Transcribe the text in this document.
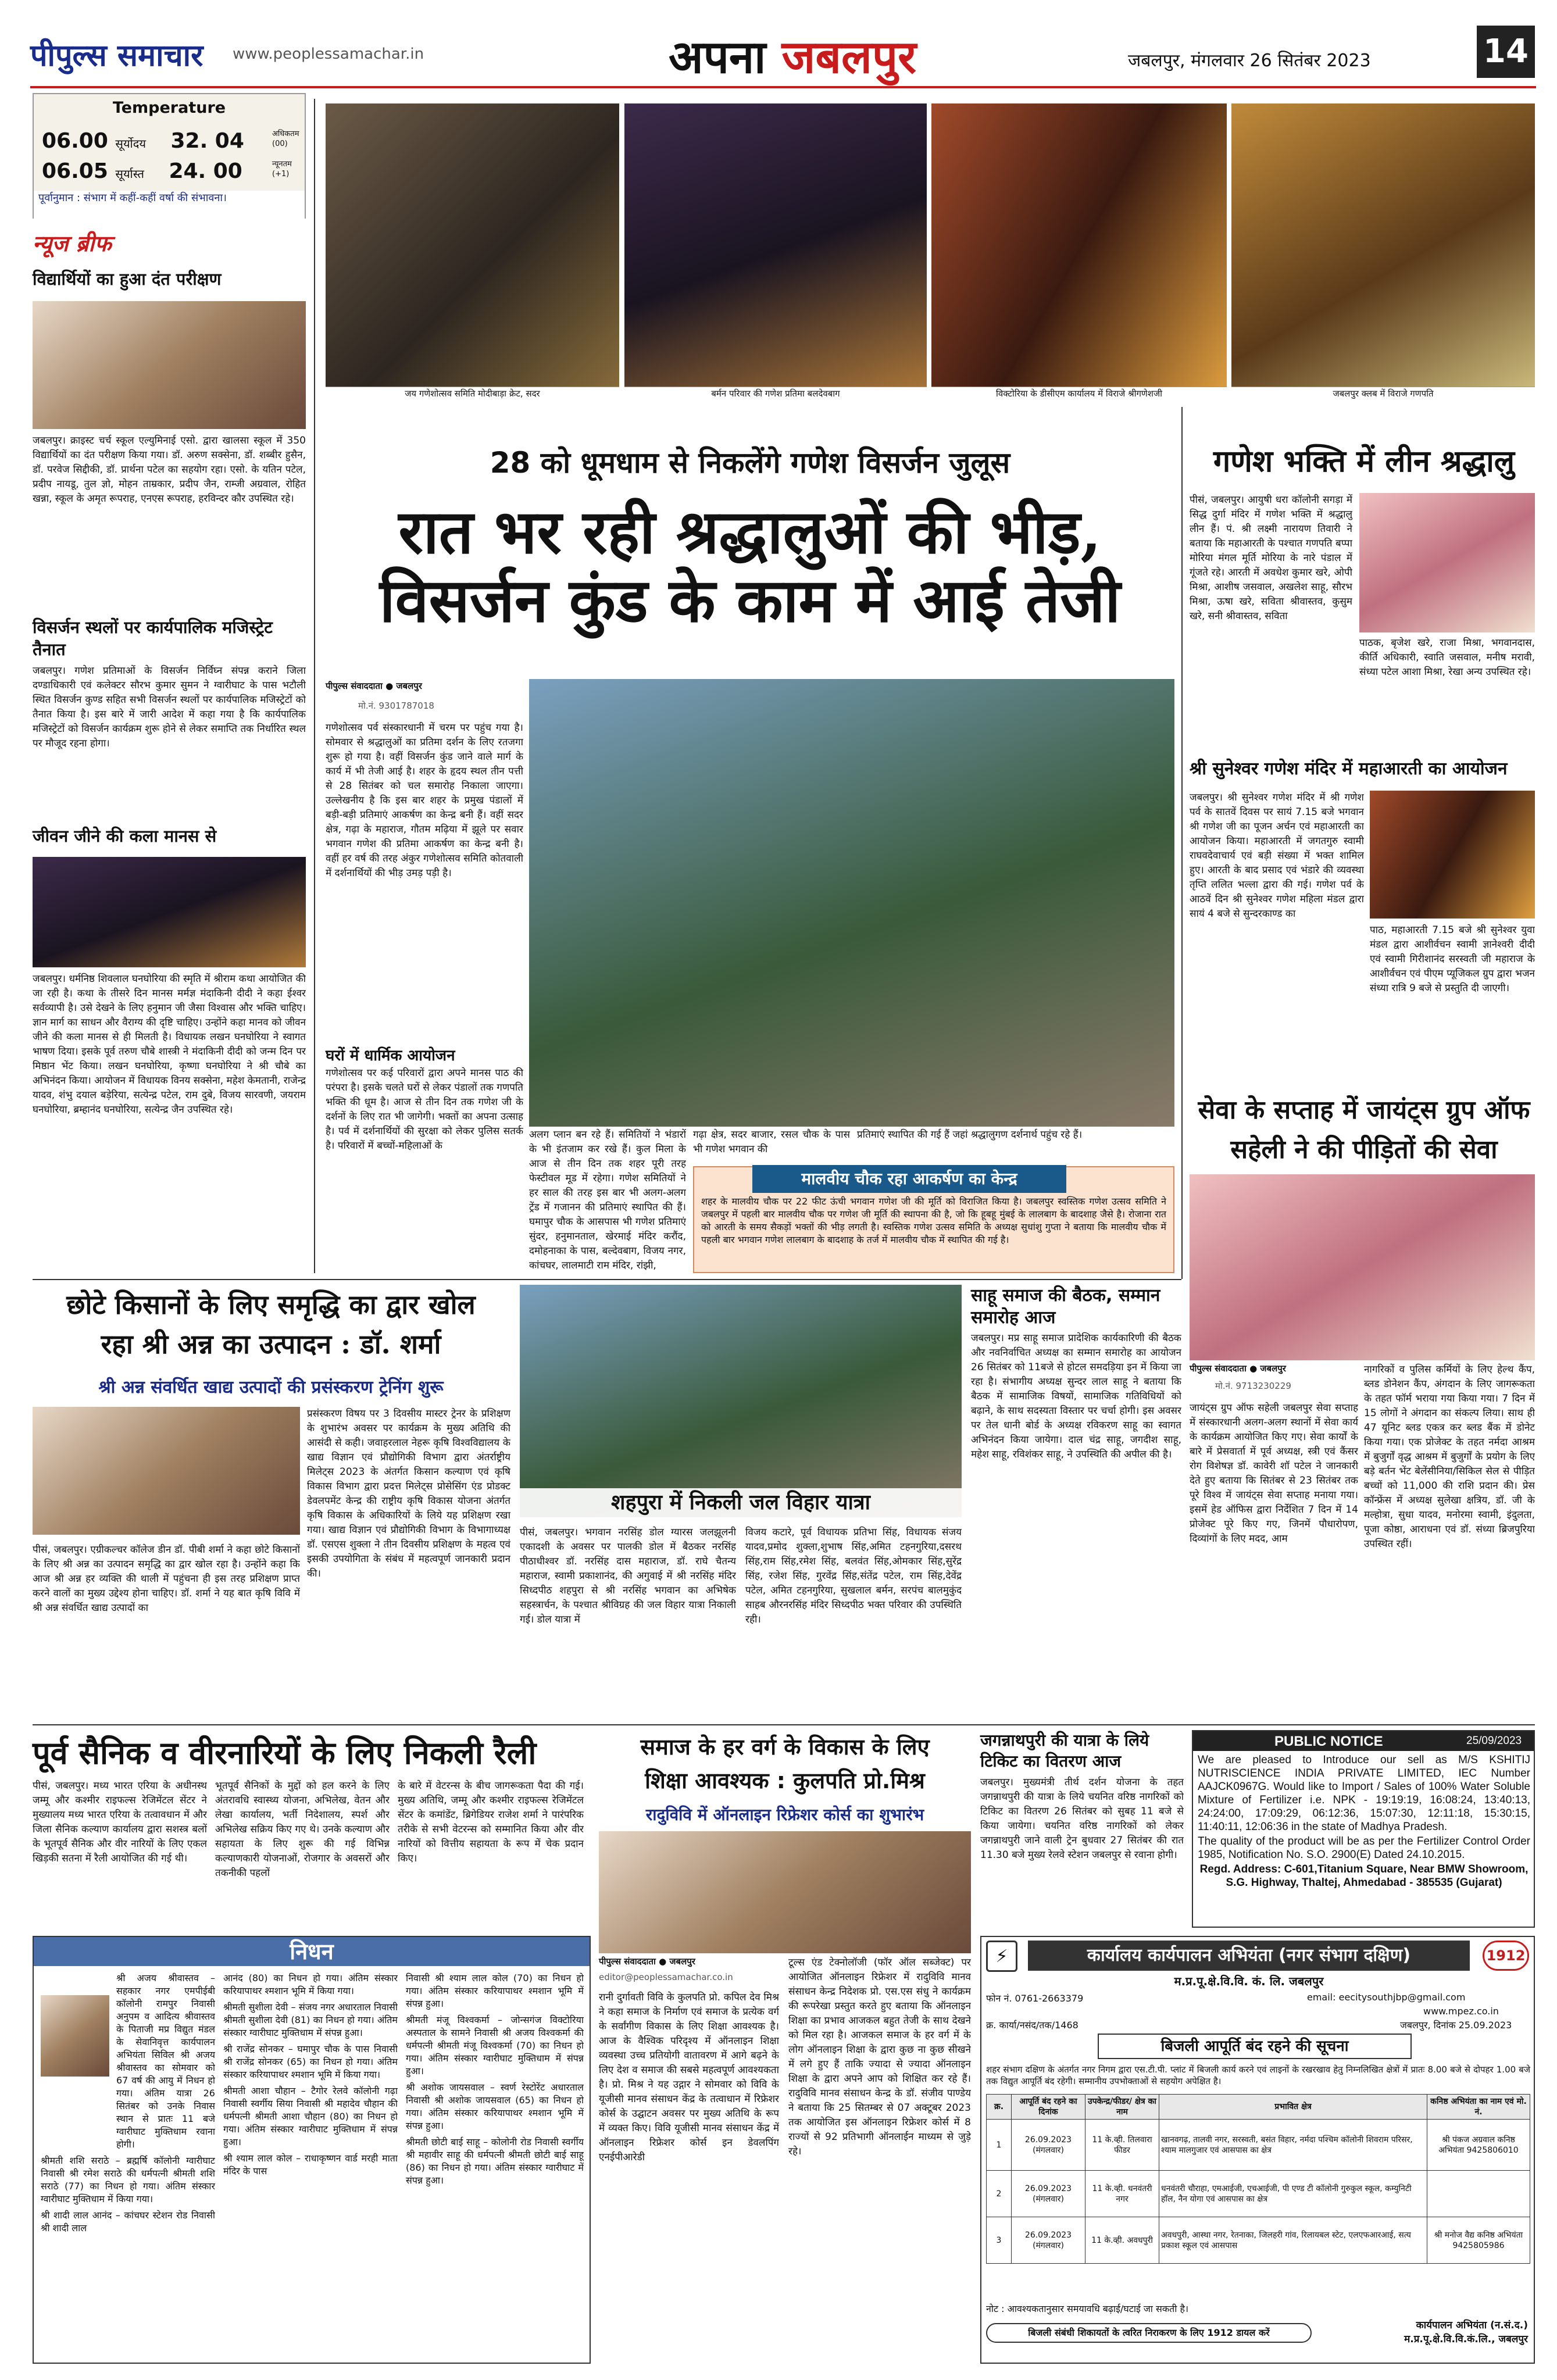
पीपुल्स समाचार www.peoplessamachar.in	अपना जबलपुर	जबलपुर, मंगलवार 26 सितंबर 2023	14
Temperature
06.00 सूर्योदय 32. 04	अधिकतम (00)
06.05 सूर्यास्त 24. 00	न्यूनतम (+1)
पूर्वानुमान : संभाग में कहीं-कहीं वर्षा की संभावना।
न्यूज ब्रीफ
विद्यार्थियों का हुआ दंत परीक्षण
जबलपुर। क्राइस्ट चर्च स्कूल एल्युमिनाई एसो. द्वारा खालसा स्कूल में 350 विद्यार्थियों का दंत परीक्षण किया गया। डॉ. अरुण सक्सेना, डॉ. शब्बीर हुसैन, डॉ. परवेज सिद्दीकी, डॉ. प्रार्थना पटेल का सहयोग रहा। एसो. के यतिन पटेल, प्रदीप नायडू, तुल ज्ञो, मोहन ताम्रकार, प्रदीप जैन, राम्जी अग्रवाल, रोहित खन्ना, स्कूल के अमृत रूपराह, एनएस रूपराह, हरविन्दर कौर उपस्थित रहे।
विसर्जन स्थलों पर कार्यपालिक मजिस्ट्रेट तैनात
जबलपुर। गणेश प्रतिमाओं के विसर्जन निर्विघ्न संपन्न कराने जिला दण्डाधिकारी एवं कलेक्टर सौरभ कुमार सुमन ने ग्वारीघाट के पास भटौली स्थित विसर्जन कुण्ड सहित सभी विसर्जन स्थलों पर कार्यपालिक मजिस्ट्रेटों को तैनात किया है। इस बारे में जारी आदेश में कहा गया है कि कार्यपालिक मजिस्ट्रेटों को विसर्जन कार्यक्रम शुरू होने से लेकर समाप्ति तक निर्धारित स्थल पर मौजूद रहना होगा।
जीवन जीने की कला मानस से
जबलपुर। धर्मनिष्ठ शिवलाल घनघोरिया की स्मृति में श्रीराम कथा आयोजित की जा रही है। कथा के तीसरे दिन मानस मर्मज्ञ मंदाकिनी दीदी ने कहा ईश्वर सर्वव्यापी है। उसे देखने के लिए हनुमान जी जैसा विश्वास और भक्ति चाहिए। ज्ञान मार्ग का साधन और वैराग्य की दृष्टि चाहिए। उन्होंने कहा मानव को जीवन जीने की कला मानस से ही मिलती है। विधायक लखन घनघोरिया ने स्वागत भाषण दिया। इसके पूर्व तरुण चौबे शास्त्री ने मंदाकिनी दीदी को जन्म दिन पर मिष्ठान भेंट किया। लखन घनघोरिया, कृष्णा घनघोरिया ने श्री चौबे का अभिनंदन किया। आयोजन में विधायक विनय सक्सेना, महेश केमतानी, राजेन्द्र यादव, शंभु दयाल बड़ेरिया, सत्येन्द्र पटेल, राम दुबे, विजय सारवणी, जयराम घनघोरिया, ब्रम्हानंद घनघोरिया, सत्येन्द्र जैन उपस्थित रहे।
जय गणेशोत्सव समिति मोदीबाड़ा क्रेट, सदर	बर्मन परिवार की गणेश प्रतिमा बलदेवबाग	विक्टोरिया के डीसीएम कार्यालय में विराजे श्रीगणेशजी	जबलपुर क्लब में विराजे गणपति
28 को धूमधाम से निकलेंगे गणेश विसर्जन जुलूस
रात भर रही श्रद्धालुओं की भीड़,
विसर्जन कुंड के काम में आई तेजी
पीपुल्स संवाददाता ● जबलपुर
मो.नं. 9301787018
गणेशोत्सव पर्व संस्कारधानी में चरम पर पहुंच गया है। सोमवार से श्रद्धालुओं का प्रतिमा दर्शन के लिए रतजगा शुरू हो गया है। वहीं विसर्जन कुंड जाने वाले मार्ग के कार्य में भी तेजी आई है। शहर के हृदय स्थल तीन पत्ती से 28 सितंबर को चल समारोह निकाला जाएगा। उल्लेखनीय है कि इस बार शहर के प्रमुख पंडालों में बड़ी-बड़ी प्रतिमाएं आकर्षण का केन्द्र बनी हैं। वहीं सदर क्षेत्र, गढ़ा के महाराज, गौतम मढ़िया में झूले पर सवार भगवान गणेश की प्रतिमा आकर्षण का केन्द्र बनी है। वहीं हर वर्ष की तरह अंकुर गणेशोत्सव समिति कोतवाली में दर्शनार्थियों की भीड़ उमड़ पड़ी है।
घरों में धार्मिक आयोजन
गणेशोत्सव पर कई परिवारों द्वारा अपने मानस पाठ की परंपरा है। इसके चलते घरों से लेकर पंडालों तक गणपति भक्ति की धूम है। आज से तीन दिन तक गणेश जी के दर्शनों के लिए रात भी जागेगी। भक्तों का अपना उत्साह है। पर्व में दर्शनार्थियों की सुरक्षा को लेकर पुलिस सतर्क है। परिवारों में बच्चों-महिलाओं के
अलग प्लान बन रहे हैं। समितियों ने भंडारों के भी इंतजाम कर रखे हैं। कुल मिला के आज से तीन दिन तक शहर पूरी तरह फेस्टीवल मूड में रहेगा। गणेश समितियों ने हर साल की तरह इस बार भी अलग-अलग ट्रेंड में गजानन की प्रतिमाएं स्थापित की हैं। घमापुर चौक के आसपास भी गणेश प्रतिमाएं सुंदर, हनुमानताल, खेरमाई मंदिर करौंद, दमोहनाका के पास, बल्देवबाग, विजय नगर, कांचघर, लालमाटी राम मंदिर, रांझी,
गढ़ा क्षेत्र, सदर बाजार, रसल चौक के पास भी गणेश भगवान की
प्रतिमाएं स्थापित की गई हैं जहां श्रद्धालुगण दर्शनार्थ पहुंच रहे हैं।
मालवीय चौक रहा आकर्षण का केन्द्र
शहर के मालवीय चौक पर 22 फीट ऊंची भगवान गणेश जी की मूर्ति को विराजित किया है। जबलपुर स्वस्तिक गणेश उत्सव समिति ने जबलपुर में पहली बार मालवीय चौक पर गणेश जी मूर्ति की स्थापना की है, जो कि हूबहू मुंबई के लालबाग के बादशाह जैसे है। रोजाना रात को आरती के समय सैकड़ों भक्तों की भीड़ लगती है। स्वस्तिक गणेश उत्सव समिति के अध्यक्ष सुधांशु गुप्ता ने बताया कि मालवीय चौक में पहली बार भगवान गणेश लालबाग के बादशाह के तर्ज में मालवीय चौक में स्थापित की गई है।
गणेश भक्ति में लीन श्रद्धालु
पीसं, जबलपुर। आयुषी धरा कॉलोनी सगड़ा में सिद्ध दुर्गा मंदिर में गणेश भक्ति में श्रद्धालु लीन हैं। पं. श्री लक्ष्मी नारायण तिवारी ने बताया कि महाआरती के पश्चात गणपति बप्पा मोरिया मंगल मूर्ति मोरिया के नारे पंडाल में गूंजते रहे। आरती में अवधेश कुमार खरे, ओपी मिश्रा, आशीष जसवाल, अखलेश साहू, सौरभ मिश्रा, ऊषा खरे, सविता श्रीवास्तव, कुसुम खरे, सनी श्रीवास्तव, सविता
पाठक, बृजेश खरे, राजा मिश्रा, भगवानदास, कीर्ति अधिकारी, स्वाति जसवाल, मनीष मरावी, संध्या पटेल आशा मिश्रा, रेखा अन्य उपस्थित रहे।
श्री सुनेश्वर गणेश मंदिर में महाआरती का आयोजन
जबलपुर। श्री सुनेश्वर गणेश मंदिर में श्री गणेश पर्व के सातवें दिवस पर सायं 7.15 बजे भगवान श्री गणेश जी का पूजन अर्चन एवं महाआरती का आयोजन किया। महाआरती में जगतगुरु स्वामी राघवदेवाचार्य एवं बड़ी संख्या में भक्त शामिल हुए। आरती के बाद प्रसाद एवं भंडारे की व्यवस्था तृप्ति ललित भल्ला द्वारा की गई। गणेश पर्व के आठवें दिन श्री सुनेश्वर गणेश महिला मंडल द्वारा सायं 4 बजे से सुन्दरकाण्ड का
पाठ, महाआरती 7.15 बजे श्री सुनेश्वर युवा मंडल द्वारा आशीर्वचन स्वामी ज्ञानेश्वरी दीदी एवं स्वामी गिरीशानंद सरस्वती जी महाराज के आशीर्वचन एवं पीएम प्यूजिकल ग्रुप द्वारा भजन संध्या रात्रि 9 बजे से प्रस्तुति दी जाएगी।
सेवा के सप्ताह में जायंट्स ग्रुप ऑफ सहेली ने की पीड़ितों की सेवा
पीपुल्स संवाददाता ● जबलपुर
मो.नं. 9713230229
जायंट्स ग्रुप ऑफ सहेली जबलपुर सेवा सप्ताह में संस्कारधानी अलग-अलग स्थानों में सेवा कार्य के कार्यक्रम आयोजित किए गए। सेवा कार्यों के बारे में प्रेसवार्ता में पूर्व अध्यक्ष, स्त्री एवं कैंसर रोग विशेषज्ञ डॉ. कावेरी शॉ पटेल ने जानकारी देते हुए बताया कि सितंबर से 23 सितंबर तक पूरे विश्व में जायंट्स सेवा सप्ताह मनाया गया। इसमें हेड ऑफिस द्वारा निर्देशित 7 दिन में 14 प्रोजेक्ट पूरे किए गए, जिनमें पौधारोपण, दिव्यांगों के लिए मदद, आम
नागरिकों व पुलिस कर्मियों के लिए हेल्थ कैंप, ब्लड डोनेशन कैंप, अंगदान के लिए जागरूकता के तहत फॉर्म भराया गया किया गया। 7 दिन में 15 लोगों ने अंगदान का संकल्प लिया। साथ ही 47 यूनिट ब्लड एकत्र कर ब्लड बैंक में डोनेट किया गया। एक प्रोजेक्ट के तहत नर्मदा आश्रम में बुजुर्गों वृद्ध आश्रम में बुजुर्गों के प्रयोग के लिए बड़े बर्तन भेंट बेलेंसीनिया/सिकिल सेल से पीड़ित बच्चों को 11,000 की राशि प्रदान की। प्रेस कॉन्फ्रेंस में अध्यक्ष सुलेखा क्षत्रिय, डॉ. जी के मल्होत्रा, सुधा यादव, मनोरमा स्वामी, इंदुलता, पूजा कोष्ठा, आराधना एवं डॉ. संध्या ब्रिजपुरिया उपस्थित रहीं।
छोटे किसानों के लिए समृद्धि का द्वार खोल
रहा श्री अन्न का उत्पादन : डॉ. शर्मा
श्री अन्न संवर्धित खाद्य उत्पादों की प्रसंस्करण ट्रेनिंग शुरू
पीसं, जबलपुर। एग्रीकल्चर कॉलेज डीन डॉ. पीबी शर्मा ने कहा छोटे किसानों के लिए श्री अन्न का उत्पादन समृद्धि का द्वार खोल रहा है। उन्होंने कहा कि आज श्री अन्न हर व्यक्ति की थाली में पहुंचना ही इस तरह प्रशिक्षण प्राप्त करने वालों का मुख्य उद्देश्य होना चाहिए। डॉ. शर्मा ने यह बात कृषि विवि में श्री अन्न संवर्धित खाद्य उत्पादों का
प्रसंस्करण विषय पर 3 दिवसीय मास्टर ट्रेनर के प्रशिक्षण के शुभारंभ अवसर पर कार्यक्रम के मुख्य अतिथि की आसंदी से कही। जवाहरलाल नेहरू कृषि विश्वविद्यालय के खाद्य विज्ञान एवं प्रौद्योगिकी विभाग द्वारा अंतर्राष्ट्रीय मिलेट्स 2023 के अंतर्गत किसान कल्याण एवं कृषि विकास विभाग द्वारा प्रदत्त मिलेट्स प्रोसेसिंग एंड प्रोडक्ट डेवलपमेंट केन्द्र की राष्ट्रीय कृषि विकास योजना अंतर्गत कृषि विकास के अधिकारियों के लिये यह प्रशिक्षण रखा गया। खाद्य विज्ञान एवं प्रौद्योगिकी विभाग के विभागाध्यक्ष डॉ. एसएस शुक्ला ने तीन दिवसीय प्रशिक्षण के महत्व एवं इसकी उपयोगिता के संबंध में महत्वपूर्ण जानकारी प्रदान की।
शहपुरा में निकली जल विहार यात्रा
पीसं, जबलपुर। भगवान नरसिंह डोल ग्यारस जलझूलनी एकादशी के अवसर पर पालकी डोल में बैठकर नरसिंह पीठाधीश्वर डॉ. नरसिंह दास महाराज, डॉ. राघे चैतन्य महाराज, स्वामी प्रकाशानंद, की अगुवाई में श्री नरसिंह मंदिर सिध्दपीठ शहपुरा से श्री नरसिंह भगवान का अभिषेक सहस्त्रार्चन, के पश्चात श्रीविग्रह की जल विहार यात्रा निकाली गई। डोल यात्रा में
विजय कटारे, पूर्व विधायक प्रतिभा सिंह, विधायक संजय यादव,प्रमोद शुक्ला,शुभाष सिंह,अमित टहनगुरिया,दसरथ सिंह,राम सिंह,रमेश सिंह, बलवंत सिंह,ओमकार सिंह,सुरेंद्र सिंह, रजेश सिंह, गुरवेंद्र सिंह,संतेंद्र पटेल, राम सिंह,देवेंद्र पटेल, अमित टहनगुरिया, सुखलाल बर्मन, सरपंच बालमुकुंद साहब औरनरसिंह मंदिर सिध्दपीठ भक्त परिवार की उपस्थिति रही।
साहू समाज की बैठक, सम्मान समारोह आज
जबलपुर। मप्र साहू समाज प्रादेशिक कार्यकारिणी की बैठक और नवनिर्वाचित अध्यक्ष का सम्मान समारोह का आयोजन 26 सितंबर को 11बजे से होटल समदड़िया इन में किया जा रहा है। संभागीय अध्यक्ष सुन्दर लाल साहू ने बताया कि बैठक में सामाजिक विषयों, सामाजिक गतिविधियों को बढ़ाने, के साथ सदस्यता विस्तार पर चर्चा होगी। इस अवसर पर तेल धानी बोर्ड के अध्यक्ष रविकरण साहू का स्वागत अभिनंदन किया जायेगा। दाल चंद्र साहू, जगदीश साहू, महेश साहू, रविशंकर साहू, ने उपस्थिति की अपील की है।
पूर्व सैनिक व वीरनारियों के लिए निकली रैली
पीसं, जबलपुर। मध्य भारत एरिया के अधीनस्थ जम्मू और कश्मीर राइफल्स रेजिमेंटल सेंटर ने मुख्यालय मध्य भारत एरिया के तत्वावधान में और जिला सैनिक कल्याण कार्यालय द्वारा सशस्त्र बलों के भूतपूर्व सैनिक और वीर नारियों के लिए एकल खिड़की सतना में रैली आयोजित की गई थी।
भूतपूर्व सैनिकों के मुद्दों को हल करने के लिए अंतरावधि स्वास्थ्य योजना, अभिलेख, वेतन और लेखा कार्यालय, भर्ती निदेशालय, स्पर्श और अभिलेख सक्रिय किए गए थे। उनके कल्याण और सहायता के लिए शुरू की गई विभिन्न कल्याणकारी योजनाओं, रोजगार के अवसरों और तकनीकी पहलों
के बारे में वेटरन्स के बीच जागरूकता पैदा की गई। मुख्य अतिथि, जम्मू और कश्मीर राइफल्स रेजिमेंटल सेंटर के कमांडेंट, ब्रिगेडियर राजेश शर्मा ने पारंपरिक तरीके से सभी वेटरन्स को सम्मानित किया और वीर नारियों को वित्तीय सहायता के रूप में चेक प्रदान किए।
समाज के हर वर्ग के विकास के लिए
शिक्षा आवश्यक : कुलपति प्रो.मिश्र
रादुविवि में ऑनलाइन रिफ्रेशर कोर्स का शुभारंभ
पीपुल्स संवाददाता ● जबलपुर
editor@peoplessamachar.co.in
रानी दुर्गावती विवि के कुलपति प्रो. कपिल देव मिश्र ने कहा समाज के निर्माण एवं समाज के प्रत्येक वर्ग के सर्वांगीण विकास के लिए शिक्षा आवश्यक है। आज के वैश्विक परिदृश्य में ऑनलाइन शिक्षा व्यवस्था उच्च प्रतियोगी वातावरण में आगे बढ़ने के लिए देश व समाज की सबसे महत्वपूर्ण आवश्यकता है। प्रो. मिश्र ने यह उद्गार ने सोमवार को विवि के यूजीसी मानव संसाधन केंद्र के तत्वाधान में रिफ्रेशर कोर्स के उद्घाटन अवसर पर मुख्य अतिथि के रूप में व्यक्त किए। विवि यूजीसी मानव संसाधन केंद्र में ऑनलाइन रिफ्रेशर कोर्स इन डेवलपिंग एनईपीआरेडी
टूल्स एंड टेक्नोलॉजी (फॉर ऑल सब्जेक्ट) पर आयोजित ऑनलाइन रिफ्रेशर में रादुविवि मानव संसाधन केन्द्र निदेशक प्रो. एस.एस संधु ने कार्यक्रम की रूपरेखा प्रस्तुत करते हुए बताया कि ऑनलाइन शिक्षा का प्रभाव आजकल बहुत तेजी के साथ देखने को मिल रहा है। आजकल समाज के हर वर्ग में के लोग ऑनलाइन शिक्षा के द्वारा कुछ ना कुछ सीखने में लगे हुए हैं ताकि ज्यादा से ज्यादा ऑनलाइन शिक्षा के द्वारा अपने आप को शिक्षित कर रहे हैं। रादुविवि मानव संसाधन केन्द्र के डॉ. संजीव पाण्डेय ने बताया कि 25 सितम्बर से 07 अक्टूबर 2023 तक आयोजित इस ऑनलाइन रिफ्रेशर कोर्स में 8 राज्यों से 92 प्रतिभागी ऑनलाईन माध्यम से जुड़े रहे।
जगन्नाथपुरी की यात्रा के लिये टिकिट का वितरण आज
जबलपुर। मुख्यमंत्री तीर्थ दर्शन योजना के तहत जगन्नाथपुरी की यात्रा के लिये चयनित वरिष्ठ नागरिकों को टिकिट का वितरण 26 सितंबर को सुबह 11 बजे से किया जायेगा। चयनित वरिष्ठ नागरिकों को लेकर जगन्नाथपुरी जाने वाली ट्रेन बुधवार 27 सितंबर की रात 11.30 बजे मुख्य रेलवे स्टेशन जबलपुर से रवाना होगी।
PUBLIC NOTICE	25/09/2023
We are pleased to Introduce our sell as M/S KSHITIJ NUTRISCIENCE INDIA PRIVATE LIMITED, IEC Number AAJCK0967G. Would like to Import / Sales of 100% Water Soluble Mixture of Fertilizer i.e. NPK - 19:19:19, 16:08:24, 13:40:13, 24:24:00, 17:09:29, 06:12:36, 15:07:30, 12:11:18, 15:30:15, 11:40:11, 12:06:36 in the state of Madhya Pradesh.
The quality of the product will be as per the Fertilizer Control Order 1985, Notification No. S.O. 2900(E) Dated 24.10.2015.
Regd. Address: C-601,Titanium Square, Near BMW Showroom, S.G. Highway, Thaltej, Ahmedabad - 385535 (Gujarat)
निधन
श्री अजय श्रीवास्तव – सहकार नगर एमपीईबी कॉलोनी रामपुर निवासी अनुपम व आदित्य श्रीवास्तव के पिताजी मप्र विद्युत मंडल के सेवानिवृत्त कार्यपालन अभियंता सिविल श्री अजय श्रीवास्तव का सोमवार को 67 वर्ष की आयु में निधन हो गया। अंतिम यात्रा 26 सितंबर को उनके निवास स्थान से प्रातः 11 बजे ग्वारीघाट मुक्तिधाम रवाना होगी।
श्रीमती शशि सराठे – ब्रह्मर्षि कॉलोनी ग्वारीघाट निवासी श्री रमेश सराठे की धर्मपत्नी श्रीमती शशि सराठे (77) का निधन हो गया। अंतिम संस्कार ग्वारीघाट मुक्तिधाम में किया गया।
श्री शादी लाल आनंद – कांचघर स्टेशन रोड निवासी श्री शादी लाल
आनंद (80) का निधन हो गया। अंतिम संस्कार करियापाथर श्मशान भूमि में किया गया।
श्रीमती सुशीला देवी – संजय नगर अधारताल निवासी श्रीमती सुशीला देवी (81) का निधन हो गया। अंतिम संस्कार ग्वारीघाट मुक्तिधाम में संपन्न हुआ।
श्री राजेंद्र सोनकर – घमापुर चौक के पास निवासी श्री राजेंद्र सोनकर (65) का निधन हो गया। अंतिम संस्कार करियापाथर श्मशान भूमि में किया गया।
श्रीमती आशा चौहान – टैगोर रेलवे कॉलोनी गढ़ा निवासी स्वर्गीय सिया निवासी श्री महादेव चौहान की धर्मपत्नी श्रीमती आशा चौहान (80) का निधन हो गया। अंतिम संस्कार ग्वारीघाट मुक्तिधाम में संपन्न हुआ।
श्री श्याम लाल कोल – राधाकृष्णन वार्ड मरही माता मंदिर के पास
निवासी श्री श्याम लाल कोल (70) का निधन हो गया। अंतिम संस्कार करियापाथर श्मशान भूमि में संपन्न हुआ।
श्रीमती मंजू विश्वकर्मा – जोन्सगंज विक्टोरिया अस्पताल के सामने निवासी श्री अजय विश्वकर्मा की धर्मपत्नी श्रीमती मंजू विश्वकर्मा (70) का निधन हो गया। अंतिम संस्कार ग्वारीघाट मुक्तिधाम में संपन्न हुआ।
श्री अशोक जायसवाल – स्वर्ण रेस्टोरेंट अधारताल निवासी श्री अशोक जायसवाल (65) का निधन हो गया। अंतिम संस्कार करियापाथर श्मशान भूमि में संपन्न हुआ।
श्रीमती छोटी बाई साहू – कोलोनी रोड निवासी स्वर्गीय श्री महावीर साहू की धर्मपत्नी श्रीमती छोटी बाई साहू (86) का निधन हो गया। अंतिम संस्कार ग्वारीघाट में संपन्न हुआ।
⚡	कार्यालय कार्यपालन अभियंता (नगर संभाग दक्षिण)	1912
म.प्र.पू.क्षे.वि.वि. कं. लि. जबलपुर
फोन नं. 0761-2663379	email: eecitysouthjbp@gmail.com
www.mpez.co.in
क्र. कार्या/नसंद/तक/1468	जबलपुर, दिनांक 25.09.2023
बिजली आपूर्ति बंद रहने की सूचना
शहर संभाग दक्षिण के अंतर्गत नगर निगम द्वारा एस.टी.पी. प्लांट में बिजली कार्य करने एवं लाइनों के रखरखाव हेतु निम्नलिखित क्षेत्रों में प्रातः 8.00 बजे से दोपहर 1.00 बजे तक विद्युत आपूर्ति बंद रहेगी। सम्मानीय उपभोक्ताओं से सहयोग अपेक्षित है।
क्र.	आपूर्ति बंद रहने का दिनांक	उपकेन्द्र/फीडर/ क्षेत्र का नाम	प्रभावित क्षेत्र	कनिष्ठ अभियंता का नाम एवं मो. नं.
1	26.09.2023 (मंगलवार)	11 के.व्ही. तिलवारा फीडर	खानवगढ़, तालवी नगर, सरस्वती, बसंत विहार, नर्मदा पश्चिम कॉलोनी शिवराम परिसर, श्याम मालगुजार एवं आसपास का क्षेत्र	श्री पंकज अग्रवाल कनिष्ठ अभियंता 9425806010
2	26.09.2023 (मंगलवार)	11 के.व्ही. धनवंतरी नगर	धनवंतरी चौराहा, एमआईजी, एचआईजी, पी एण्ड टी कॉलोनी गुरुकुल स्कूल, कम्युनिटी हॉल, नैन योगा एवं आसपास का क्षेत्र	
3	26.09.2023 (मंगलवार)	11 के.व्ही. अवधपुरी	अवधपुरी, आस्था नगर, रेतनाका, जिलहरी गांव, रिलायबल स्टेट, एलएफआरआई, सत्य प्रकाश स्कूल एवं आसपास	श्री मनोज वैद्य कनिष्ठ अभियंता 9425805986
नोट : आवश्यकतानुसार समयावधि बढ़ाई/घटाई जा सकती है।
कार्यपालन अभियंता (न.सं.द.)
म.प्र.पू.क्षे.वि.वि.कं.लि., जबलपुर
बिजली संबंधी शिकायतों के त्वरित निराकरण के लिए 1912 डायल करें
